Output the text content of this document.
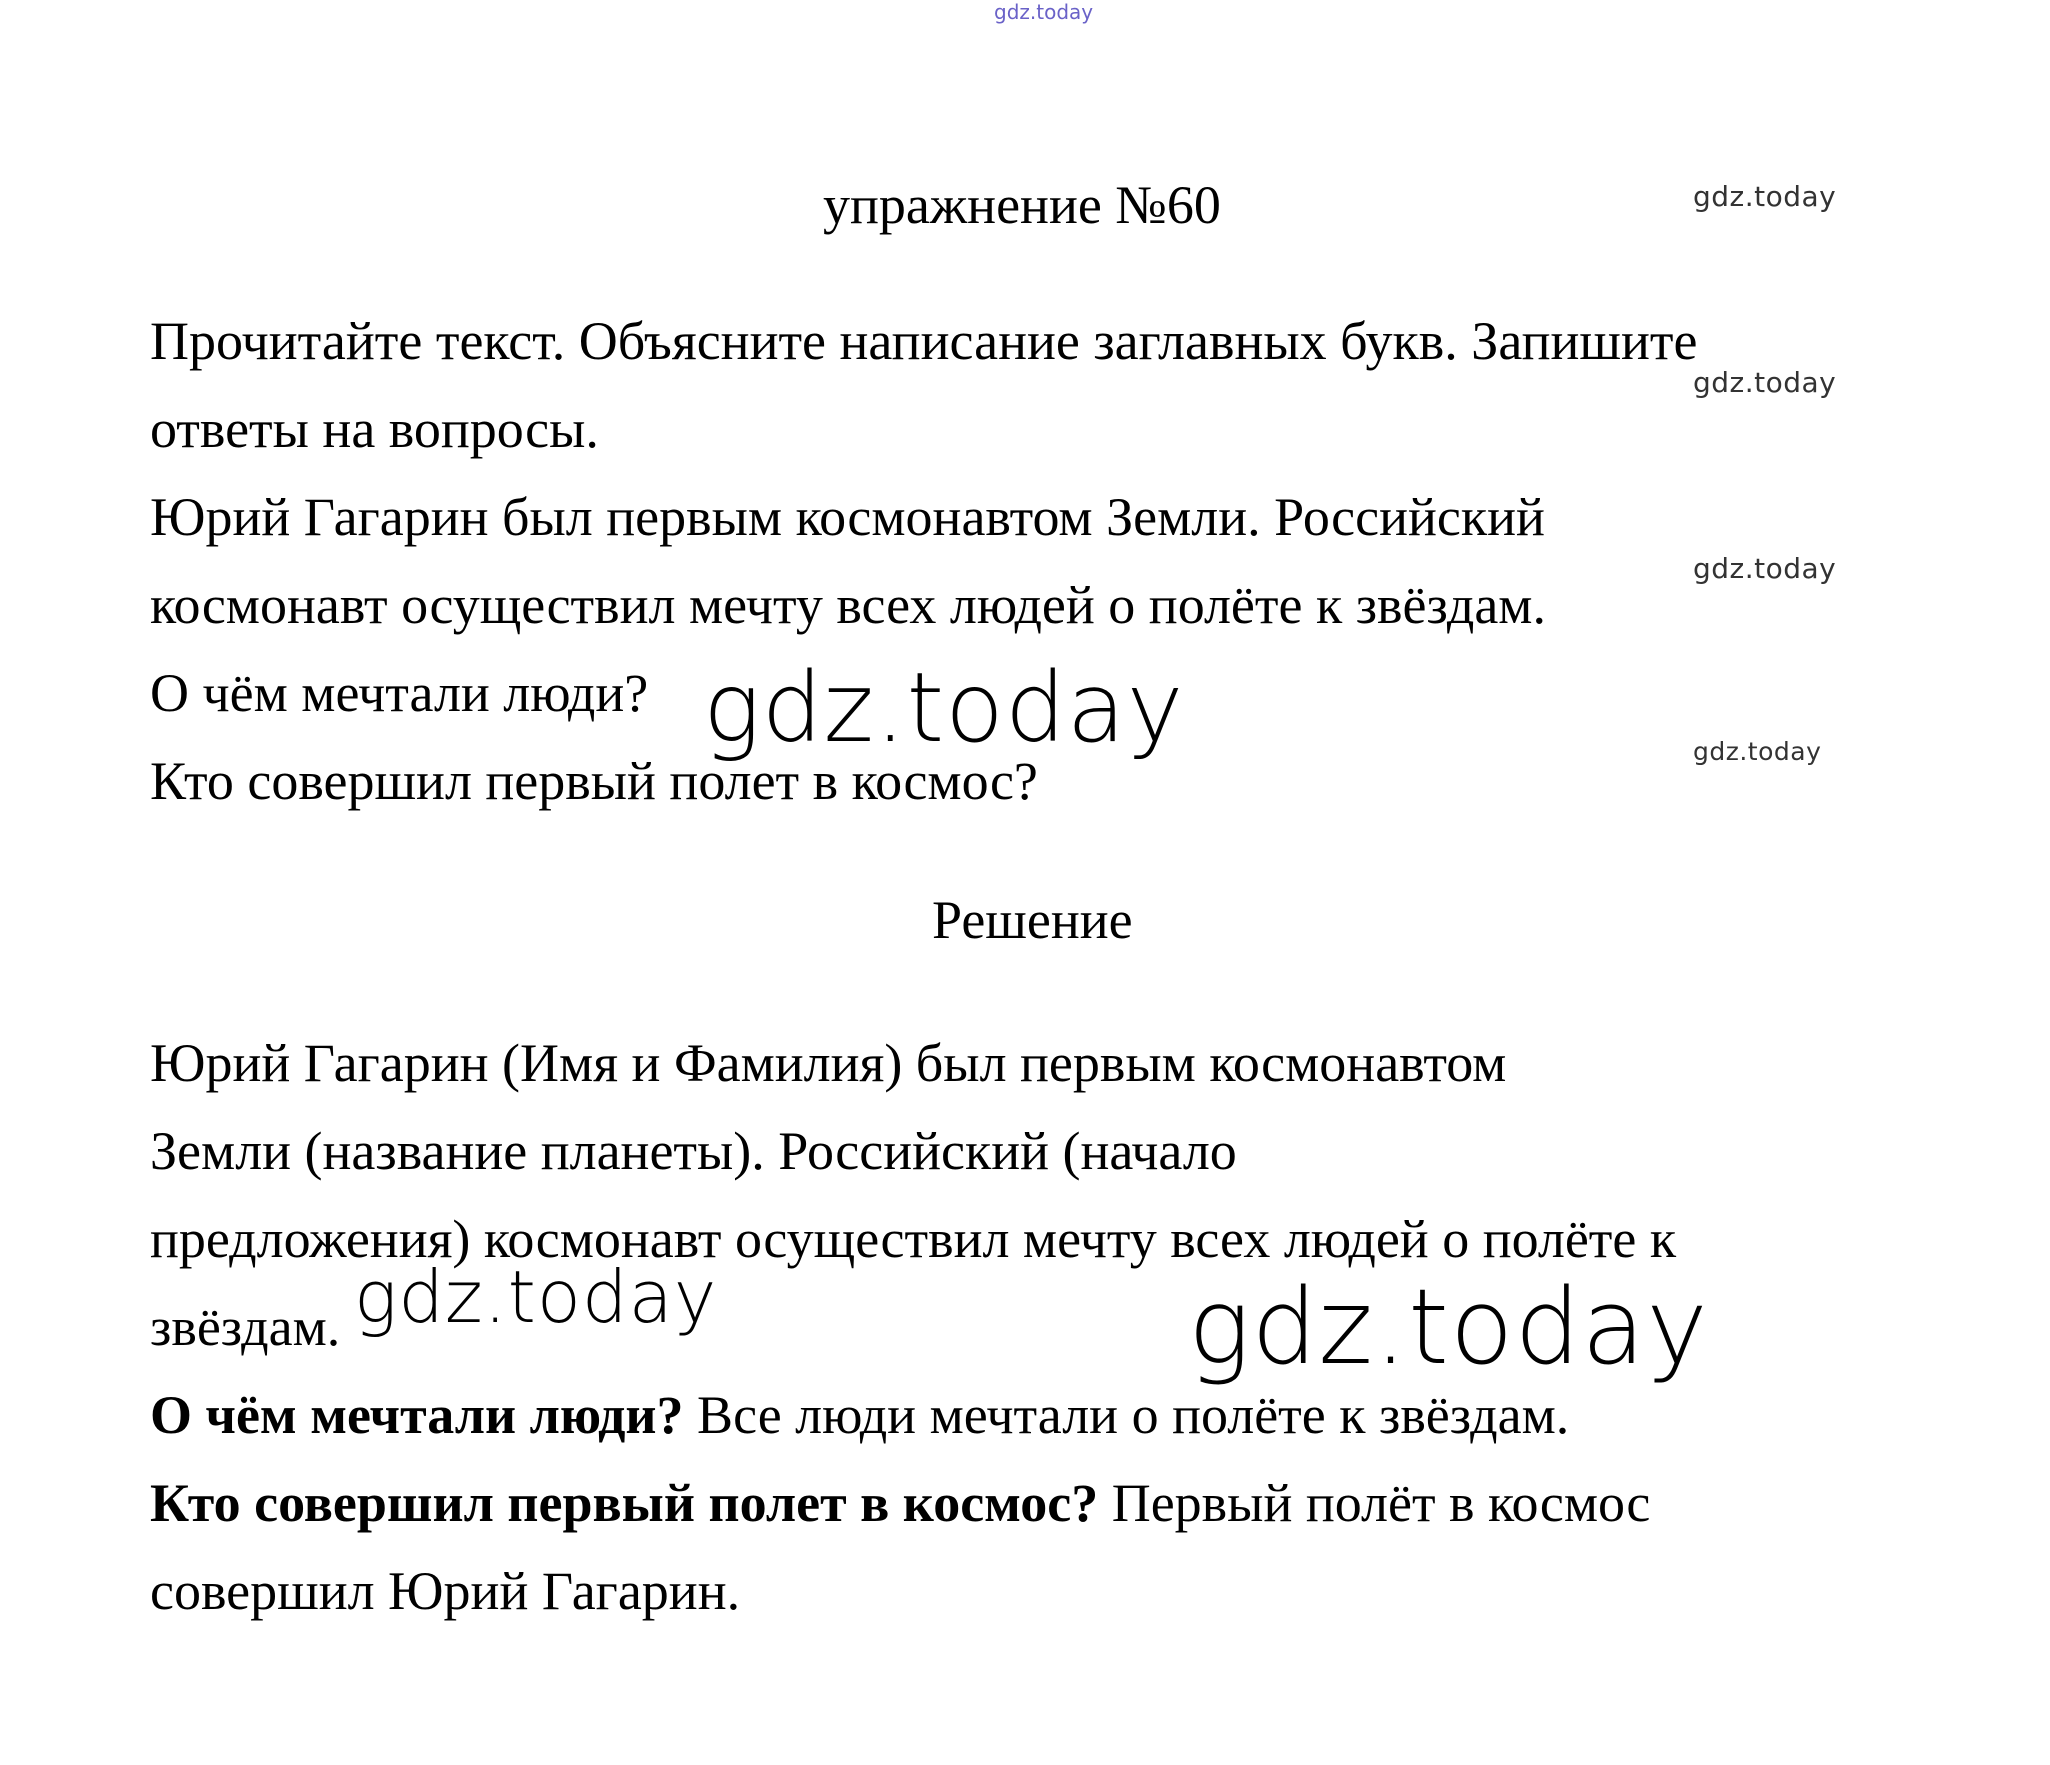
gdz.today
упражнение №60	gdz.today
gdz.today
gdz.today
gdz.today
Прочитайте текст. Объясните написание заглавных букв. Запишите
ответы на вопросы.
Юрий Гагарин был первым космонавтом Земли. Российский
космонавт осуществил мечту всех людей о полёте к звёздам.
О чём мечтали люди?
Кто совершил первый полет в космос?
gdz.today
Решение
Юрий Гагарин (Имя и Фамилия) был первым космонавтом
Земли (название планеты). Российский (начало
предложения) космонавт осуществил мечту всех людей о полёте к
звёздам. gdz.today	gdz.today
О чём мечтали люди? Все люди мечтали о полёте к звёздам.
Кто совершил первый полет в космос? Первый полёт в космос
совершил Юрий Гагарин.
